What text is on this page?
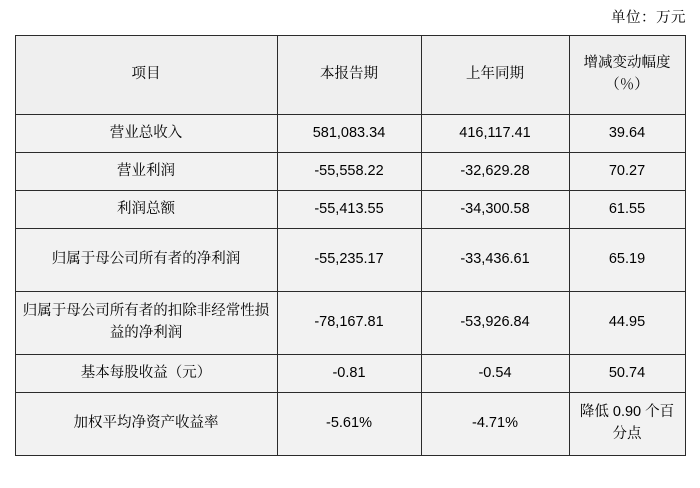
单位：万元
项目	本报告期	上年同期	增减变动幅度（％）
营业总收入	581,083.34	416,117.41	39.64
营业利润	-55,558.22	-32,629.28	70.27
利润总额	-55,413.55	-34,300.58	61.55
归属于母公司所有者的净利润	-55,235.17	-33,436.61	65.19
归属于母公司所有者的扣除非经常性损益的净利润	-78,167.81	-53,926.84	44.95
基本每股收益（元）	-0.81	-0.54	50.74
加权平均净资产收益率	-5.61%	-4.71%	降低 0.90 个百分点
